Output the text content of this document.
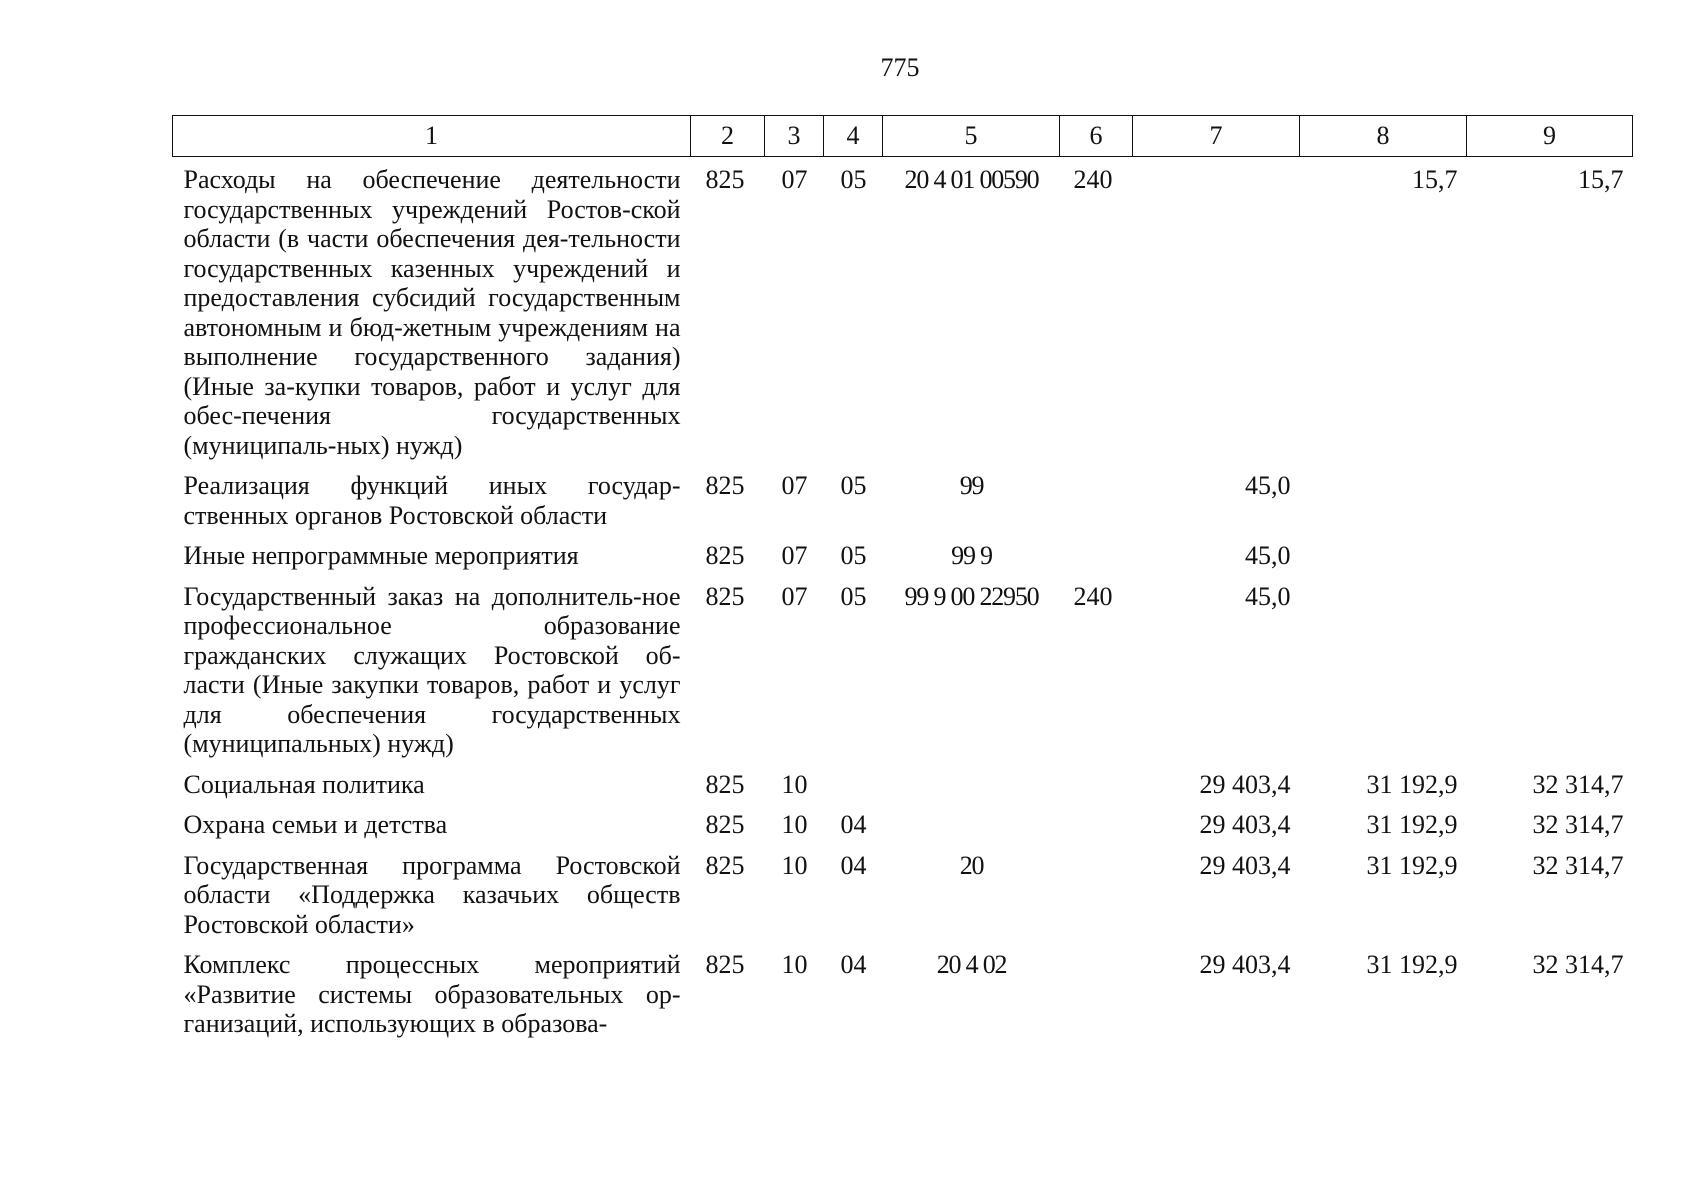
775
1	2	3	4	5	6	7	8	9
Расходы на обеспечение деятельности государственных учреждений Ростов-ской области (в части обеспечения дея-тельности государственных казенных учреждений и предоставления субсидий государственным автономным и бюд-жетным учреждениям на выполнение государственного задания) (Иные за-купки товаров, работ и услуг для обес-печения государственных (муниципаль-ных) нужд)	825	07	05	20 4 01 00590	240		15,7	15,7
Реализация функций иных государ-ственных органов Ростовской области	825	07	05	99		45,0		
Иные непрограммные мероприятия	825	07	05	99 9		45,0		
Государственный заказ на дополнитель-ное профессиональное образование гражданских служащих Ростовской об-ласти (Иные закупки товаров, работ и услуг для обеспечения государственных (муниципальных) нужд)	825	07	05	99 9 00 22950	240	45,0		
Социальная политика	825	10				29 403,4	31 192,9	32 314,7
Охрана семьи и детства	825	10	04			29 403,4	31 192,9	32 314,7
Государственная программа Ростовской области «Поддержка казачьих обществ Ростовской области»	825	10	04	20		29 403,4	31 192,9	32 314,7
Комплекс процессных мероприятий «Развитие системы образовательных ор-ганизаций, использующих в образова-	825	10	04	20 4 02		29 403,4	31 192,9	32 314,7
